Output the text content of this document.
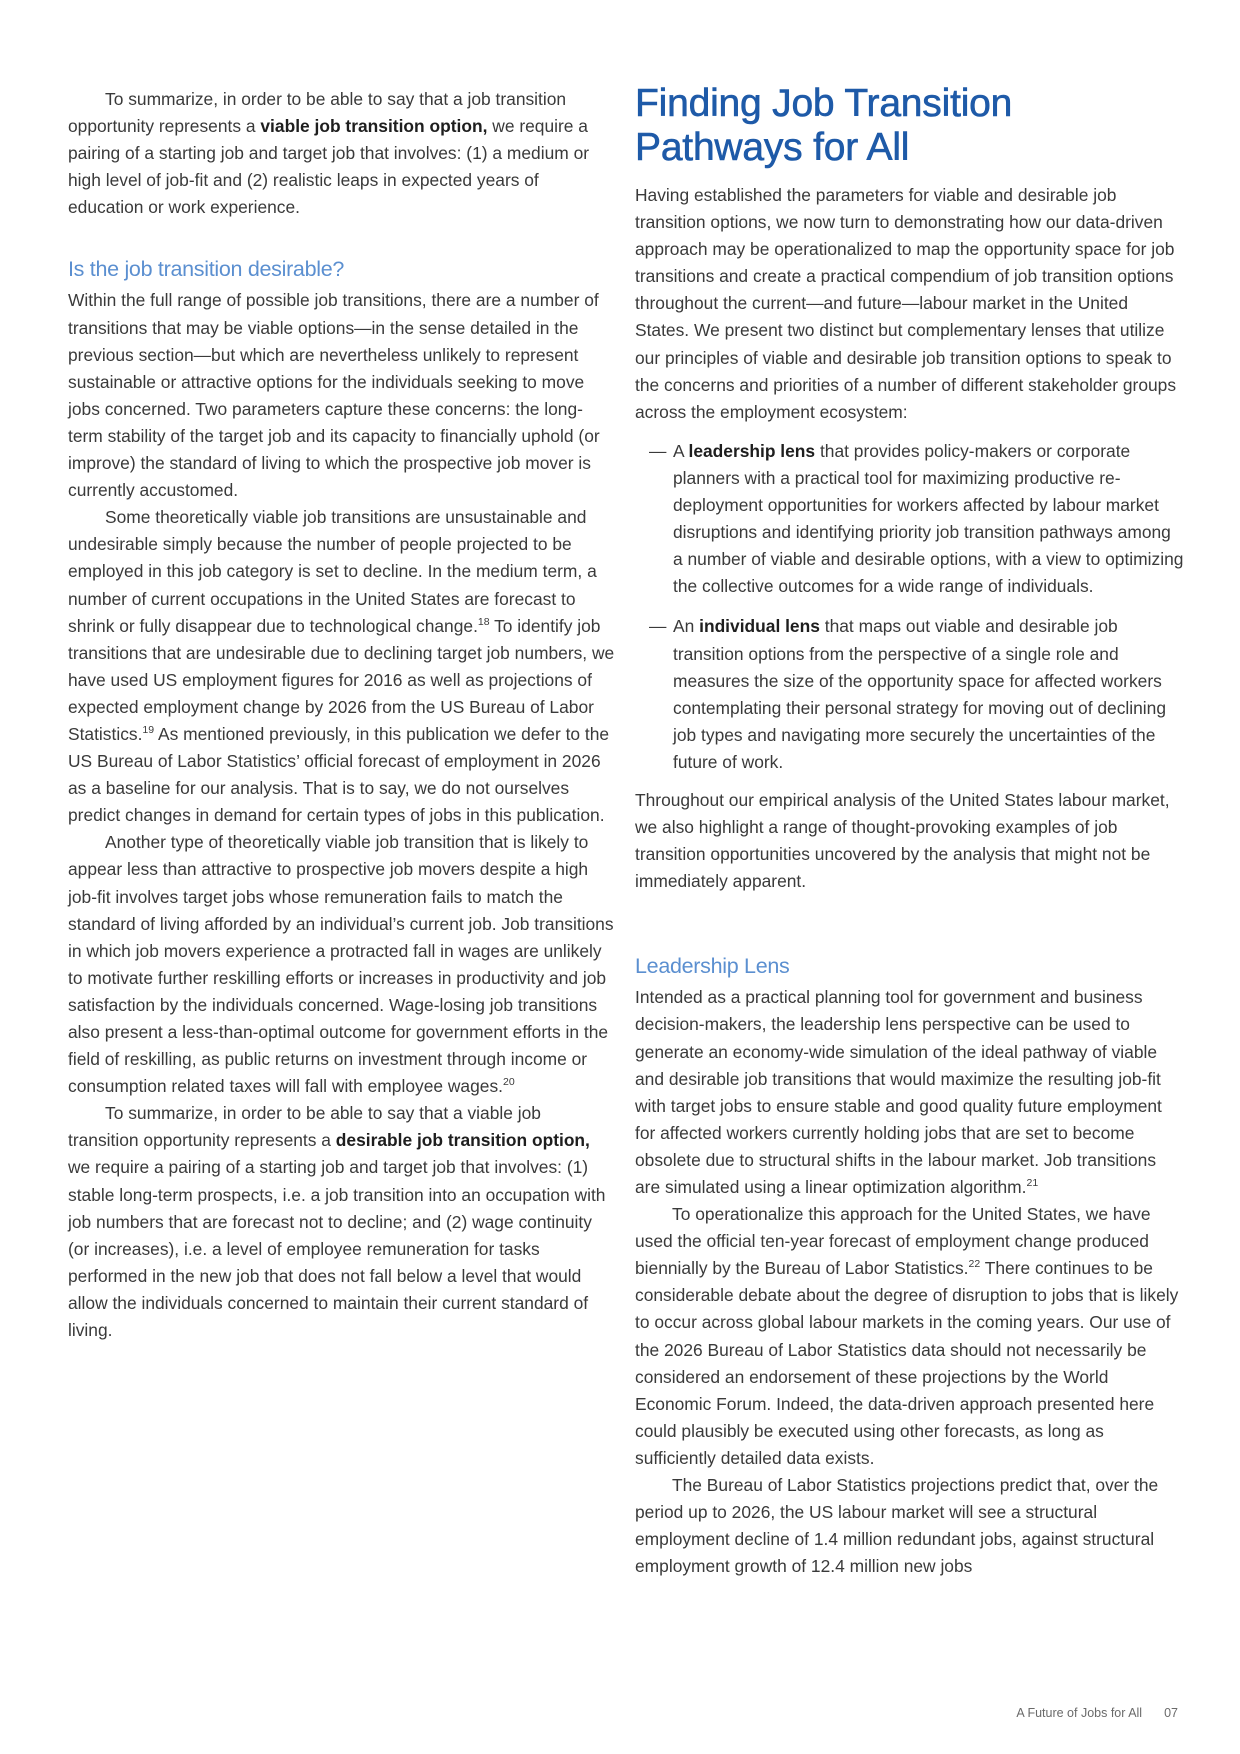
To summarize, in order to be able to say that a job transition opportunity represents a viable job transition option, we require a pairing of a starting job and target job that involves: (1) a medium or high level of job-fit and (2) realistic leaps in expected years of education or work experience.

Is the job transition desirable?

Within the full range of possible job transitions, there are a number of transitions that may be viable options—in the sense detailed in the previous section—but which are nevertheless unlikely to represent sustainable or attractive options for the individuals seeking to move jobs concerned. Two parameters capture these concerns: the long-term stability of the target job and its capacity to financially uphold (or improve) the standard of living to which the prospective job mover is currently accustomed.

Some theoretically viable job transitions are unsustainable and undesirable simply because the number of people projected to be employed in this job category is set to decline. In the medium term, a number of current occupations in the United States are forecast to shrink or fully disappear due to technological change.$^{18}$ To identify job transitions that are undesirable due to declining target job numbers, we have used US employment figures for 2016 as well as projections of expected employment change by 2026 from the US Bureau of Labor Statistics.$^{19}$ As mentioned previously, in this publication we defer to the US Bureau of Labor Statistics’ official forecast of employment in 2026 as a baseline for our analysis. That is to say, we do not ourselves predict changes in demand for certain types of jobs in this publication.

Another type of theoretically viable job transition that is likely to appear less than attractive to prospective job movers despite a high job-fit involves target jobs whose remuneration fails to match the standard of living afforded by an individual’s current job. Job transitions in which job movers experience a protracted fall in wages are unlikely to motivate further reskilling efforts or increases in productivity and job satisfaction by the individuals concerned. Wage-losing job transitions also present a less-than-optimal outcome for government efforts in the field of reskilling, as public returns on investment through income or consumption related taxes will fall with employee wages.$^{20}$

To summarize, in order to be able to say that a viable job transition opportunity represents a desirable job transition option, we require a pairing of a starting job and target job that involves: (1) stable long-term prospects, i.e. a job transition into an occupation with job numbers that are forecast not to decline; and (2) wage continuity (or increases), i.e. a level of employee remuneration for tasks performed in the new job that does not fall below a level that would allow the individuals concerned to maintain their current standard of living.

Finding Job Transition Pathways for All

Having established the parameters for viable and desirable job transition options, we now turn to demonstrating how our data-driven approach may be operationalized to map the opportunity space for job transitions and create a practical compendium of job transition options throughout the current—and future—labour market in the United States. We present two distinct but complementary lenses that utilize our principles of viable and desirable job transition options to speak to the concerns and priorities of a number of different stakeholder groups across the employment ecosystem:

— A leadership lens that provides policy-makers or corporate planners with a practical tool for maximizing productive re-deployment opportunities for workers affected by labour market disruptions and identifying priority job transition pathways among a number of viable and desirable options, with a view to optimizing the collective outcomes for a wide range of individuals.
— An individual lens that maps out viable and desirable job transition options from the perspective of a single role and measures the size of the opportunity space for affected workers contemplating their personal strategy for moving out of declining job types and navigating more securely the uncertainties of the future of work.

Throughout our empirical analysis of the United States labour market, we also highlight a range of thought-provoking examples of job transition opportunities uncovered by the analysis that might not be immediately apparent.

Leadership Lens

Intended as a practical planning tool for government and business decision-makers, the leadership lens perspective can be used to generate an economy-wide simulation of the ideal pathway of viable and desirable job transitions that would maximize the resulting job-fit with target jobs to ensure stable and good quality future employment for affected workers currently holding jobs that are set to become obsolete due to structural shifts in the labour market. Job transitions are simulated using a linear optimization algorithm.$^{21}$

To operationalize this approach for the United States, we have used the official ten-year forecast of employment change produced biennially by the Bureau of Labor Statistics.$^{22}$ There continues to be considerable debate about the degree of disruption to jobs that is likely to occur across global labour markets in the coming years. Our use of the 2026 Bureau of Labor Statistics data should not necessarily be considered an endorsement of these projections by the World Economic Forum. Indeed, the data-driven approach presented here could plausibly be executed using other forecasts, as long as sufficiently detailed data exists.

The Bureau of Labor Statistics projections predict that, over the period up to 2026, the US labour market will see a structural employment decline of 1.4 million redundant jobs, against structural employment growth of 12.4 million new jobs

A Future of Jobs for All 07
